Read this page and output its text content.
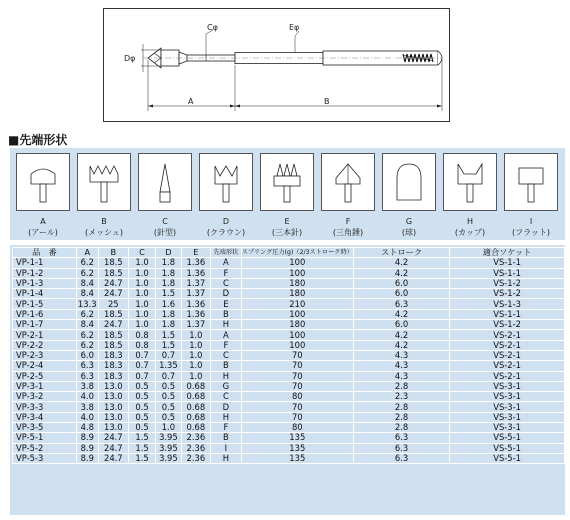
Cφ	Eφ
Dφ
A	B
■先端形状
A
(アール)
B
(メッシュ)
C
(針型)
D
(クラウン)
E
(三本針)
F
(三角錘)
G
(球)
H
(カップ)
I
(フラット)
品　番	A	B	C	D	E	先端形状	スプリング圧力(g)（2/3ストローク時）	ストローク	適合ソケット
VP-1-1	6.2	18.5	1.0	1.8	1.36	A	100	4.2	VS-1-1
VP-1-2	6.2	18.5	1.0	1.8	1.36	F	100	4.2	VS-1-1
VP-1-3	8.4	24.7	1.0	1.8	1.37	C	180	6.0	VS-1-2
VP-1-4	8.4	24.7	1.0	1.5	1.37	D	180	6.0	VS-1-2
VP-1-5	13.3	25	1.0	1.6	1.36	E	210	6.3	VS-1-3
VP-1-6	6.2	18.5	1.0	1.8	1.36	B	100	4.2	VS-1-1
VP-1-7	8.4	24.7	1.0	1.8	1.37	H	180	6.0	VS-1-2
VP-2-1	6.2	18.5	0.8	1.5	1.0	A	100	4.2	VS-2-1
VP-2-2	6.2	18.5	0.8	1.5	1.0	F	100	4.2	VS-2-1
VP-2-3	6.0	18.3	0.7	0.7	1.0	C	70	4.3	VS-2-1
VP-2-4	6.3	18.3	0.7	1.35	1.0	B	70	4.3	VS-2-1
VP-2-5	6.3	18.3	0.7	0.7	1.0	H	70	4.3	VS-2-1
VP-3-1	3.8	13.0	0.5	0.5	0.68	G	70	2.8	VS-3-1
VP-3-2	4.0	13.0	0.5	0.5	0.68	C	80	2.3	VS-3-1
VP-3-3	3.8	13.0	0.5	0.5	0.68	D	70	2.8	VS-3-1
VP-3-4	4.0	13.0	0.5	0.5	0.68	H	70	2.8	VS-3-1
VP-3-5	4.8	13.0	0.5	1.0	0.68	F	80	2.8	VS-3-1
VP-5-1	8.9	24.7	1.5	3.95	2.36	B	135	6.3	VS-5-1
VP-5-2	8.9	24.7	1.5	3.95	2.36	I	135	6.3	VS-5-1
VP-5-3	8.9	24.7	1.5	3.95	2.36	H	135	6.3	VS-5-1
